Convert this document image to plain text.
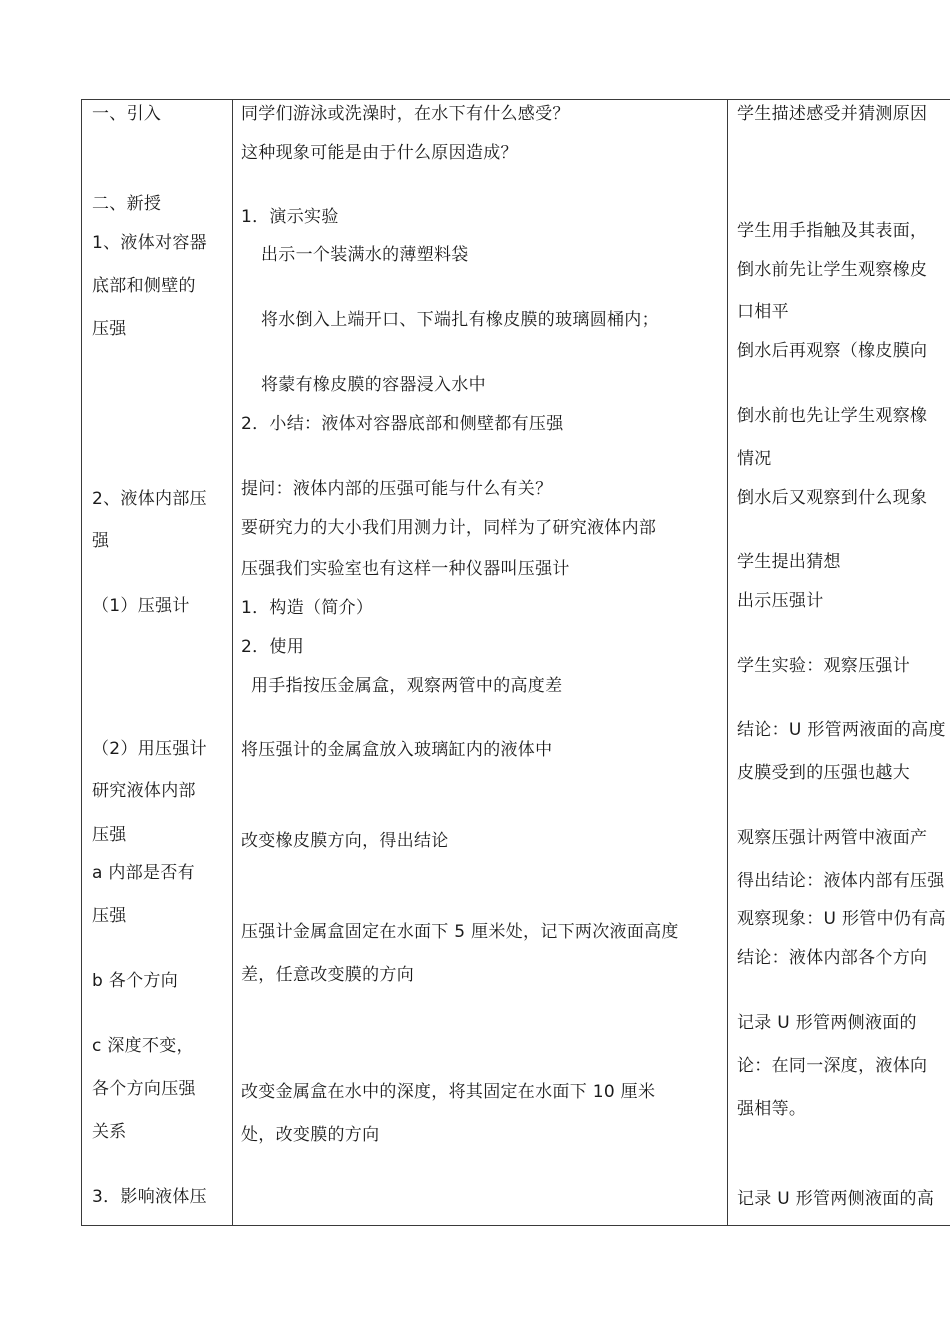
一、引入
二、新授
1、液体对容器
底部和侧壁的
压强
2、液体内部压
强
（1）压强计
（2）用压强计
研究液体内部
压强
a 内部是否有
压强
b 各个方向
c 深度不变，
各个方向压强
关系
3．影响液体压
同学们游泳或洗澡时，在水下有什么感受？
这种现象可能是由于什么原因造成？
1．演示实验
出示一个装满水的薄塑料袋
将水倒入上端开口、下端扎有橡皮膜的玻璃圆桶内；
将蒙有橡皮膜的容器浸入水中
2．小结：液体对容器底部和侧壁都有压强
提问：液体内部的压强可能与什么有关？
要研究力的大小我们用测力计，同样为了研究液体内部
压强我们实验室也有这样一种仪器叫压强计
1．构造（简介）
2．使用
用手指按压金属盒，观察两管中的高度差
将压强计的金属盒放入玻璃缸内的液体中
改变橡皮膜方向，得出结论
压强计金属盒固定在水面下 5 厘米处，记下两次液面高度
差，任意改变膜的方向
改变金属盒在水中的深度，将其固定在水面下 10 厘米
处，改变膜的方向
学生描述感受并猜测原因
学生用手指触及其表面，
倒水前先让学生观察橡皮
口相平
倒水后再观察（橡皮膜向
倒水前也先让学生观察橡
情况
倒水后又观察到什么现象
学生提出猜想
出示压强计
学生实验：观察压强计
结论：U 形管两液面的高度
皮膜受到的压强也越大
观察压强计两管中液面产
得出结论：液体内部有压强
观察现象：U 形管中仍有高
结论：液体内部各个方向
记录 U 形管两侧液面的
论：在同一深度，液体向
强相等。
记录 U 形管两侧液面的高
